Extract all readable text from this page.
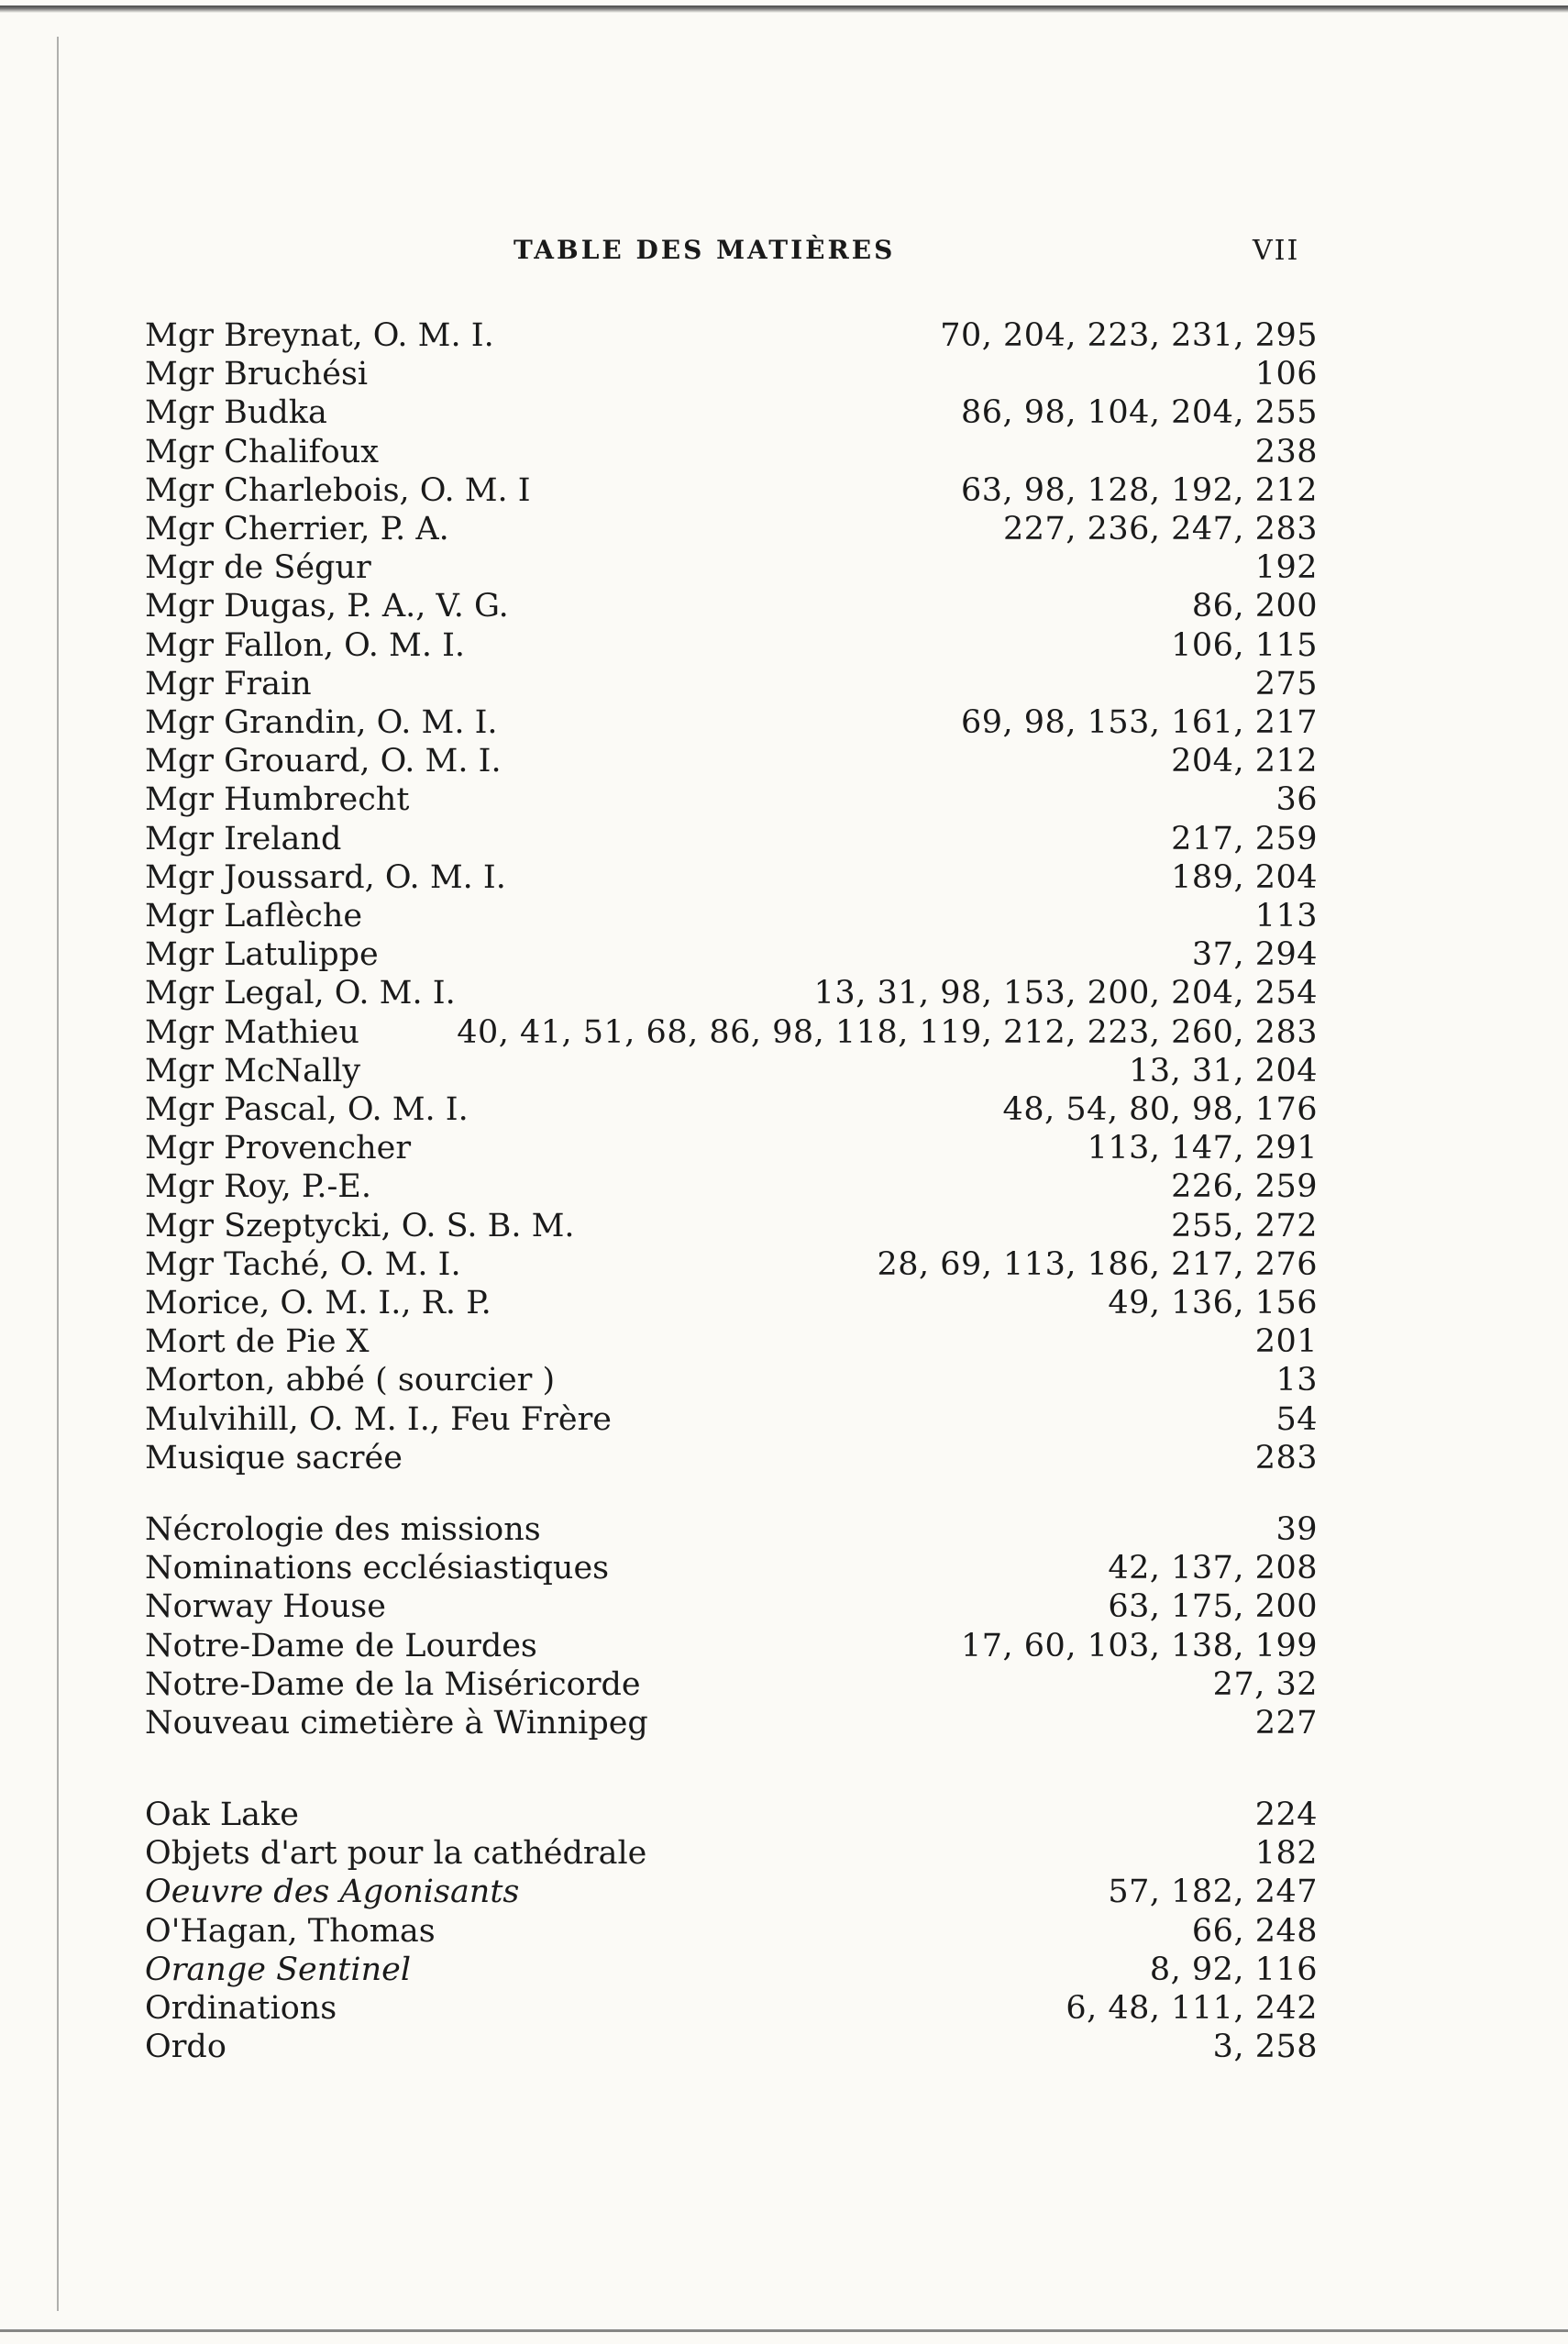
TABLE DES MATIÈRES	VII
Mgr Breynat, O. M. I.	70, 204, 223, 231, 295
Mgr Bruchési	106
Mgr Budka	86, 98, 104, 204, 255
Mgr Chalifoux	238
Mgr Charlebois, O. M. I	63, 98, 128, 192, 212
Mgr Cherrier, P. A.	227, 236, 247, 283
Mgr de Ségur	192
Mgr Dugas, P. A., V. G.	86, 200
Mgr Fallon, O. M. I.	106, 115
Mgr Frain	275
Mgr Grandin, O. M. I.	69, 98, 153, 161, 217
Mgr Grouard, O. M. I.	204, 212
Mgr Humbrecht	36
Mgr Ireland	217, 259
Mgr Joussard, O. M. I.	189, 204
Mgr Laflèche	113
Mgr Latulippe	37, 294
Mgr Legal, O. M. I.	13, 31, 98, 153, 200, 204, 254
Mgr Mathieu	40, 41, 51, 68, 86, 98, 118, 119, 212, 223, 260, 283
Mgr McNally	13, 31, 204
Mgr Pascal, O. M. I.	48, 54, 80, 98, 176
Mgr Provencher	113, 147, 291
Mgr Roy, P.-E.	226, 259
Mgr Szeptycki, O. S. B. M.	255, 272
Mgr Taché, O. M. I.	28, 69, 113, 186, 217, 276
Morice, O. M. I., R. P.	49, 136, 156
Mort de Pie X	201
Morton, abbé ( sourcier )	13
Mulvihill, O. M. I., Feu Frère	54
Musique sacrée	283
Nécrologie des missions	39
Nominations ecclésiastiques	42, 137, 208
Norway House	63, 175, 200
Notre-Dame de Lourdes	17, 60, 103, 138, 199
Notre-Dame de la Miséricorde	27, 32
Nouveau cimetière à Winnipeg	227
Oak Lake	224
Objets d'art pour la cathédrale	182
Oeuvre des Agonisants	57, 182, 247
O'Hagan, Thomas	66, 248
Orange Sentinel	8, 92, 116
Ordinations	6, 48, 111, 242
Ordo	3, 258
